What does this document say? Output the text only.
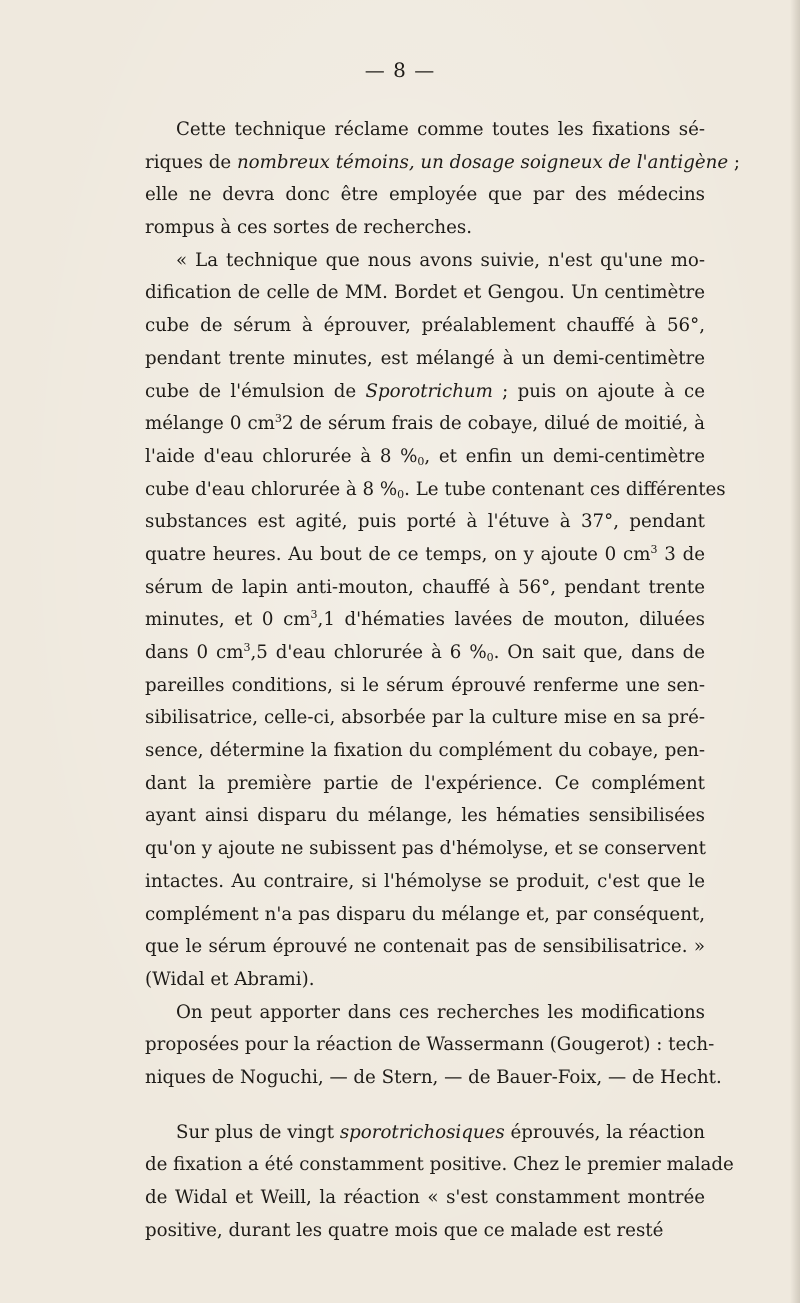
— 8 —
Cette technique réclame comme toutes les fixations sé-
riques de nombreux témoins, un dosage soigneux de l'antigène ;
elle ne devra donc être employée que par des médecins
rompus à ces sortes de recherches.
« La technique que nous avons suivie, n'est qu'une mo-
dification de celle de MM. Bordet et Gengou. Un centimètre
cube de sérum à éprouver, préalablement chauffé à 56°,
pendant trente minutes, est mélangé à un demi-centimètre
cube de l'émulsion de Sporotrichum ; puis on ajoute à ce
mélange 0 $cm^32$ de sérum frais de cobaye, dilué de moitié, à
l'aide d'eau chlorurée à 8 $\%_0$, et enfin un demi-centimètre
cube d'eau chlorurée à 8 $\%_0$. Le tube contenant ces différentes
substances est agité, puis porté à l'étuve à 37°, pendant
quatre heures. Au bout de ce temps, on y ajoute 0 $cm^3$ 3 de
sérum de lapin anti-mouton, chauffé à 56°, pendant trente
minutes, et 0 $cm^3,1$ d'hématies lavées de mouton, diluées
dans 0 $cm^3,5$ d'eau chlorurée à 6 $\%_0$. On sait que, dans de
pareilles conditions, si le sérum éprouvé renferme une sen-
sibilisatrice, celle-ci, absorbée par la culture mise en sa pré-
sence, détermine la fixation du complément du cobaye, pen-
dant la première partie de l'expérience. Ce complément
ayant ainsi disparu du mélange, les hématies sensibilisées
qu'on y ajoute ne subissent pas d'hémolyse, et se conservent
intactes. Au contraire, si l'hémolyse se produit, c'est que le
complément n'a pas disparu du mélange et, par conséquent,
que le sérum éprouvé ne contenait pas de sensibilisatrice. »
(Widal et Abrami).
On peut apporter dans ces recherches les modifications
proposées pour la réaction de Wassermann (Gougerot) : tech-
niques de Noguchi, — de Stern, — de Bauer-Foix, — de Hecht.
Sur plus de vingt sporotrichosiques éprouvés, la réaction
de fixation a été constamment positive. Chez le premier malade
de Widal et Weill, la réaction « s'est constamment montrée
positive, durant les quatre mois que ce malade est resté
